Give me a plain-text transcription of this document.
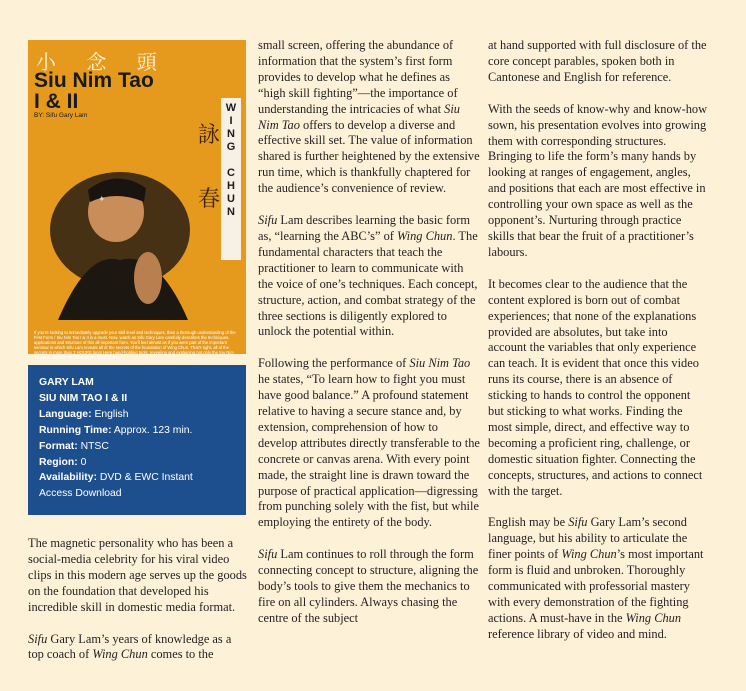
小 念 頭
Siu Nim Tao
I & II
BY: Sifu Gary Lam
W
I
N
G
C
H
U
N
詠
春
✦
If you're looking to immediately upgrade your skill level and techniques, then a thorough understanding of the First Form / Siu Nim Tao I & II is a must. Now, watch as Sifu Gary Lam carefully describes the techniques, applications and structure of this all-important form. You'll feel almost as if you were part of the important seminar in which Sifu Lam reveals all of the secrets of the foundation of Wing Chun. That's right, all of the secrets in more than 2 HOURS long! Here hand-holding tools, revealing and explaining not only the Siu Nim Tao form, but also its lethal street applications.
GARY LAM
SIU NIM TAO I & II
Language: English
Running Time: Approx. 123 min.
Format: NTSC
Region: 0
Availability: DVD & EWC Instant
Access Download

The magnetic personality who has been a social-media celebrity for his viral video clips in this modern age serves up the goods on the foundation that developed his incredible skill in domestic media format.

Sifu Gary Lam’s years of knowledge as a top coach of Wing Chun comes to the

small screen, offering the abundance of information that the system’s first form provides to develop what he defines as “high skill fighting”—the importance of understanding the intricacies of what Siu Nim Tao offers to develop a diverse and effective skill set. The value of information shared is further heightened by the extensive run time, which is thankfully chaptered for the audience’s convenience of review.

Sifu Lam describes learning the basic form as, “learning the ABC’s” of Wing Chun. The fundamental characters that teach the practitioner to learn to communicate with the voice of one’s techniques. Each concept, structure, action, and combat strategy of the three sections is diligently explored to unlock the potential within.

Following the performance of Siu Nim Tao he states, “To learn how to fight you must have good balance.” A profound statement relative to having a secure stance and, by extension, comprehension of how to develop attributes directly transferable to the concrete or canvas arena. With every point made, the straight line is drawn toward the purpose of practical application—digressing from punching solely with the fist, but while employing the entirety of the body.

Sifu Lam continues to roll through the form connecting concept to structure, aligning the body’s tools to give them the mechanics to fire on all cylinders. Always chasing the centre of the subject

at hand supported with full disclosure of the core concept parables, spoken both in Cantonese and English for reference.

With the seeds of know-why and know-how sown, his presentation evolves into growing them with corresponding structures. Bringing to life the form’s many hands by looking at ranges of engagement, angles, and positions that each are most effective in controlling your own space as well as the opponent’s. Nurturing through practice skills that bear the fruit of a practitioner’s labours.

It becomes clear to the audience that the content explored is born out of combat experiences; that none of the explanations provided are absolutes, but take into account the variables that only experience can teach. It is evident that once this video runs its course, there is an absence of sticking to hands to control the opponent but sticking to what works. Finding the most simple, direct, and effective way to becoming a proficient ring, challenge, or domestic situation fighter. Connecting the concepts, structures, and actions to connect with the target.

English may be Sifu Gary Lam’s second language, but his ability to articulate the finer points of Wing Chun’s most important form is fluid and unbroken. Thoroughly communicated with professorial mastery with every demonstration of the fighting actions. A must-have in the Wing Chun reference library of video and mind.
